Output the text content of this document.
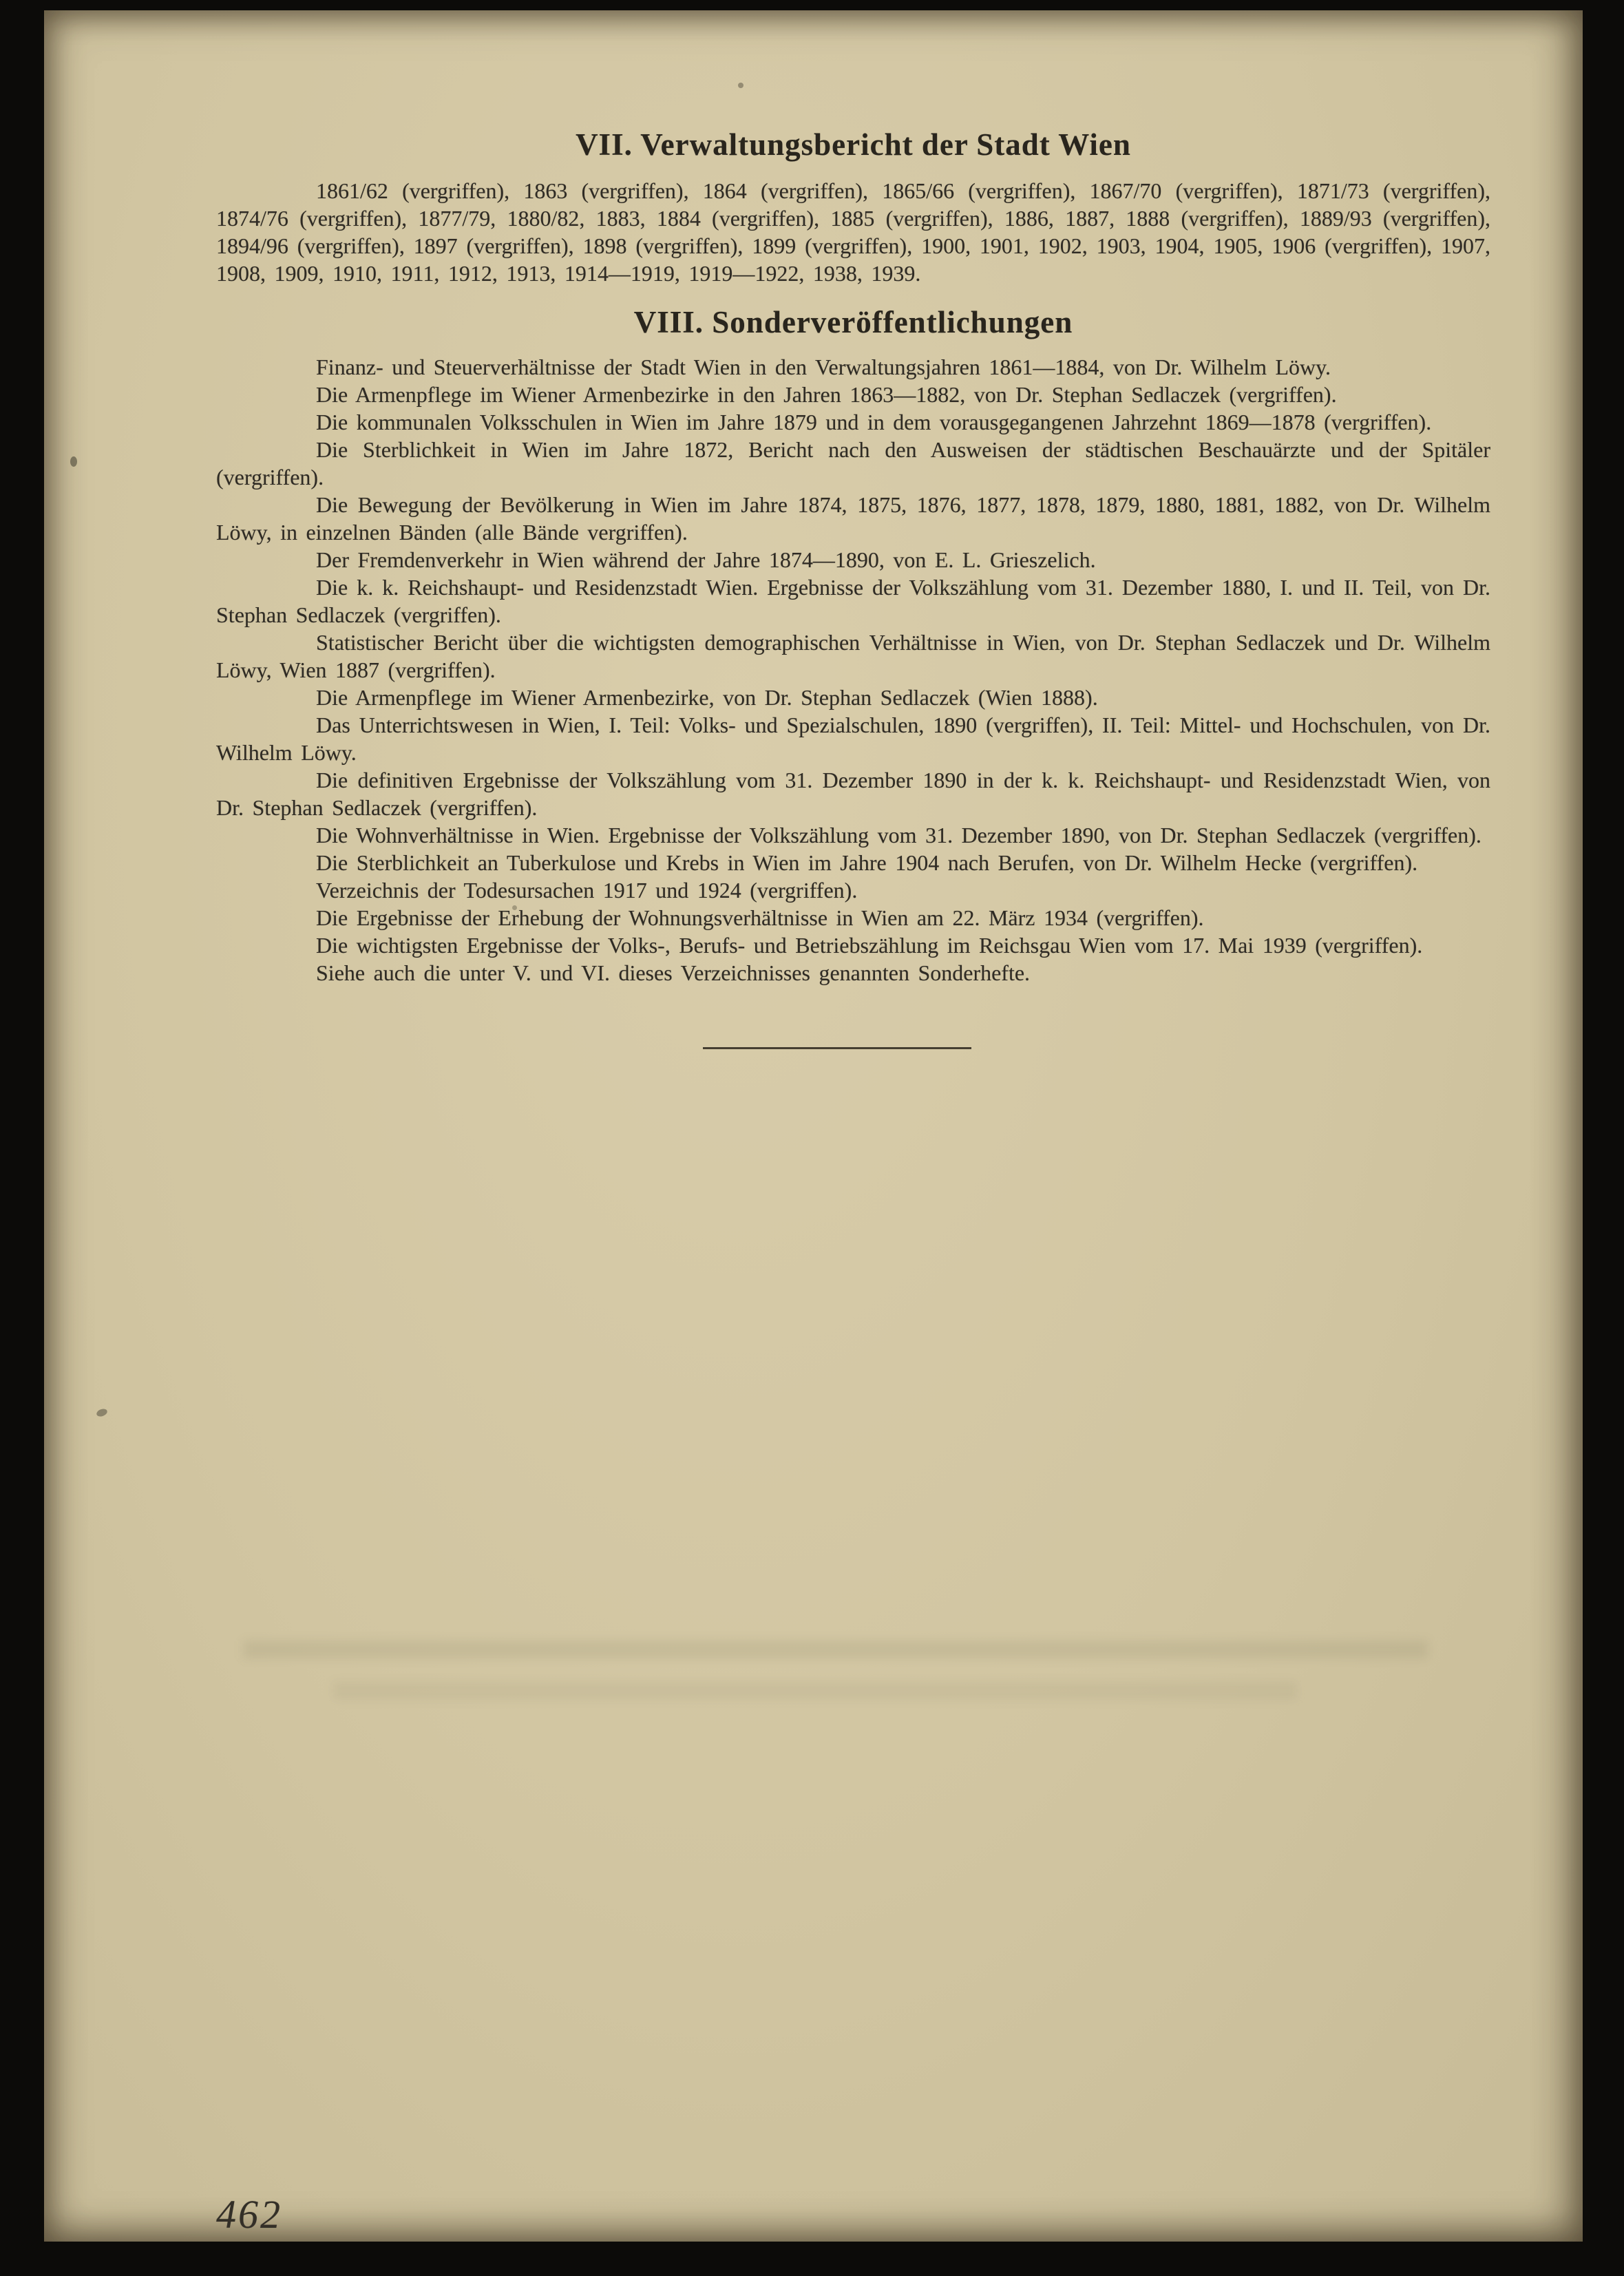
VII. Verwaltungsbericht der Stadt Wien

1861/62 (vergriffen), 1863 (vergriffen), 1864 (vergriffen), 1865/66 (vergriffen), 1867/70 (vergriffen), 1871/73 (vergriffen), 1874/76 (vergriffen), 1877/79, 1880/82, 1883, 1884 (vergriffen), 1885 (vergriffen), 1886, 1887, 1888 (vergriffen), 1889/93 (vergriffen), 1894/96 (vergriffen), 1897 (vergriffen), 1898 (vergriffen), 1899 (vergriffen), 1900, 1901, 1902, 1903, 1904, 1905, 1906 (vergriffen), 1907, 1908, 1909, 1910, 1911, 1912, 1913, 1914—1919, 1919—1922, 1938, 1939.

VIII. Sonderveröffentlichungen

Finanz- und Steuerverhältnisse der Stadt Wien in den Verwaltungsjahren 1861—1884, von Dr. Wilhelm Löwy.

Die Armenpflege im Wiener Armenbezirke in den Jahren 1863—1882, von Dr. Stephan Sedlaczek (vergriffen).

Die kommunalen Volksschulen in Wien im Jahre 1879 und in dem vorausgegangenen Jahrzehnt 1869—1878 (vergriffen).

Die Sterblichkeit in Wien im Jahre 1872, Bericht nach den Ausweisen der städtischen Beschauärzte und der Spitäler (vergriffen).

Die Bewegung der Bevölkerung in Wien im Jahre 1874, 1875, 1876, 1877, 1878, 1879, 1880, 1881, 1882, von Dr. Wilhelm Löwy, in einzelnen Bänden (alle Bände vergriffen).

Der Fremdenverkehr in Wien während der Jahre 1874—1890, von E. L. Grieszelich.

Die k. k. Reichshaupt- und Residenzstadt Wien. Ergebnisse der Volkszählung vom 31. Dezember 1880, I. und II. Teil, von Dr. Stephan Sedlaczek (vergriffen).

Statistischer Bericht über die wichtigsten demographischen Verhältnisse in Wien, von Dr. Stephan Sedlaczek und Dr. Wilhelm Löwy, Wien 1887 (vergriffen).

Die Armenpflege im Wiener Armenbezirke, von Dr. Stephan Sedlaczek (Wien 1888).

Das Unterrichtswesen in Wien, I. Teil: Volks- und Spezialschulen, 1890 (vergriffen), II. Teil: Mittel- und Hochschulen, von Dr. Wilhelm Löwy.

Die definitiven Ergebnisse der Volkszählung vom 31. Dezember 1890 in der k. k. Reichshaupt- und Residenzstadt Wien, von Dr. Stephan Sedlaczek (vergriffen).

Die Wohnverhältnisse in Wien. Ergebnisse der Volkszählung vom 31. Dezember 1890, von Dr. Stephan Sedlaczek (vergriffen).

Die Sterblichkeit an Tuberkulose und Krebs in Wien im Jahre 1904 nach Berufen, von Dr. Wilhelm Hecke (vergriffen).

Verzeichnis der Todesursachen 1917 und 1924 (vergriffen).

Die Ergebnisse der Erhebung der Wohnungsverhältnisse in Wien am 22. März 1934 (vergriffen).

Die wichtigsten Ergebnisse der Volks-, Berufs- und Betriebszählung im Reichsgau Wien vom 17. Mai 1939 (vergriffen).

Siehe auch die unter V. und VI. dieses Verzeichnisses genannten Sonderhefte.

462
